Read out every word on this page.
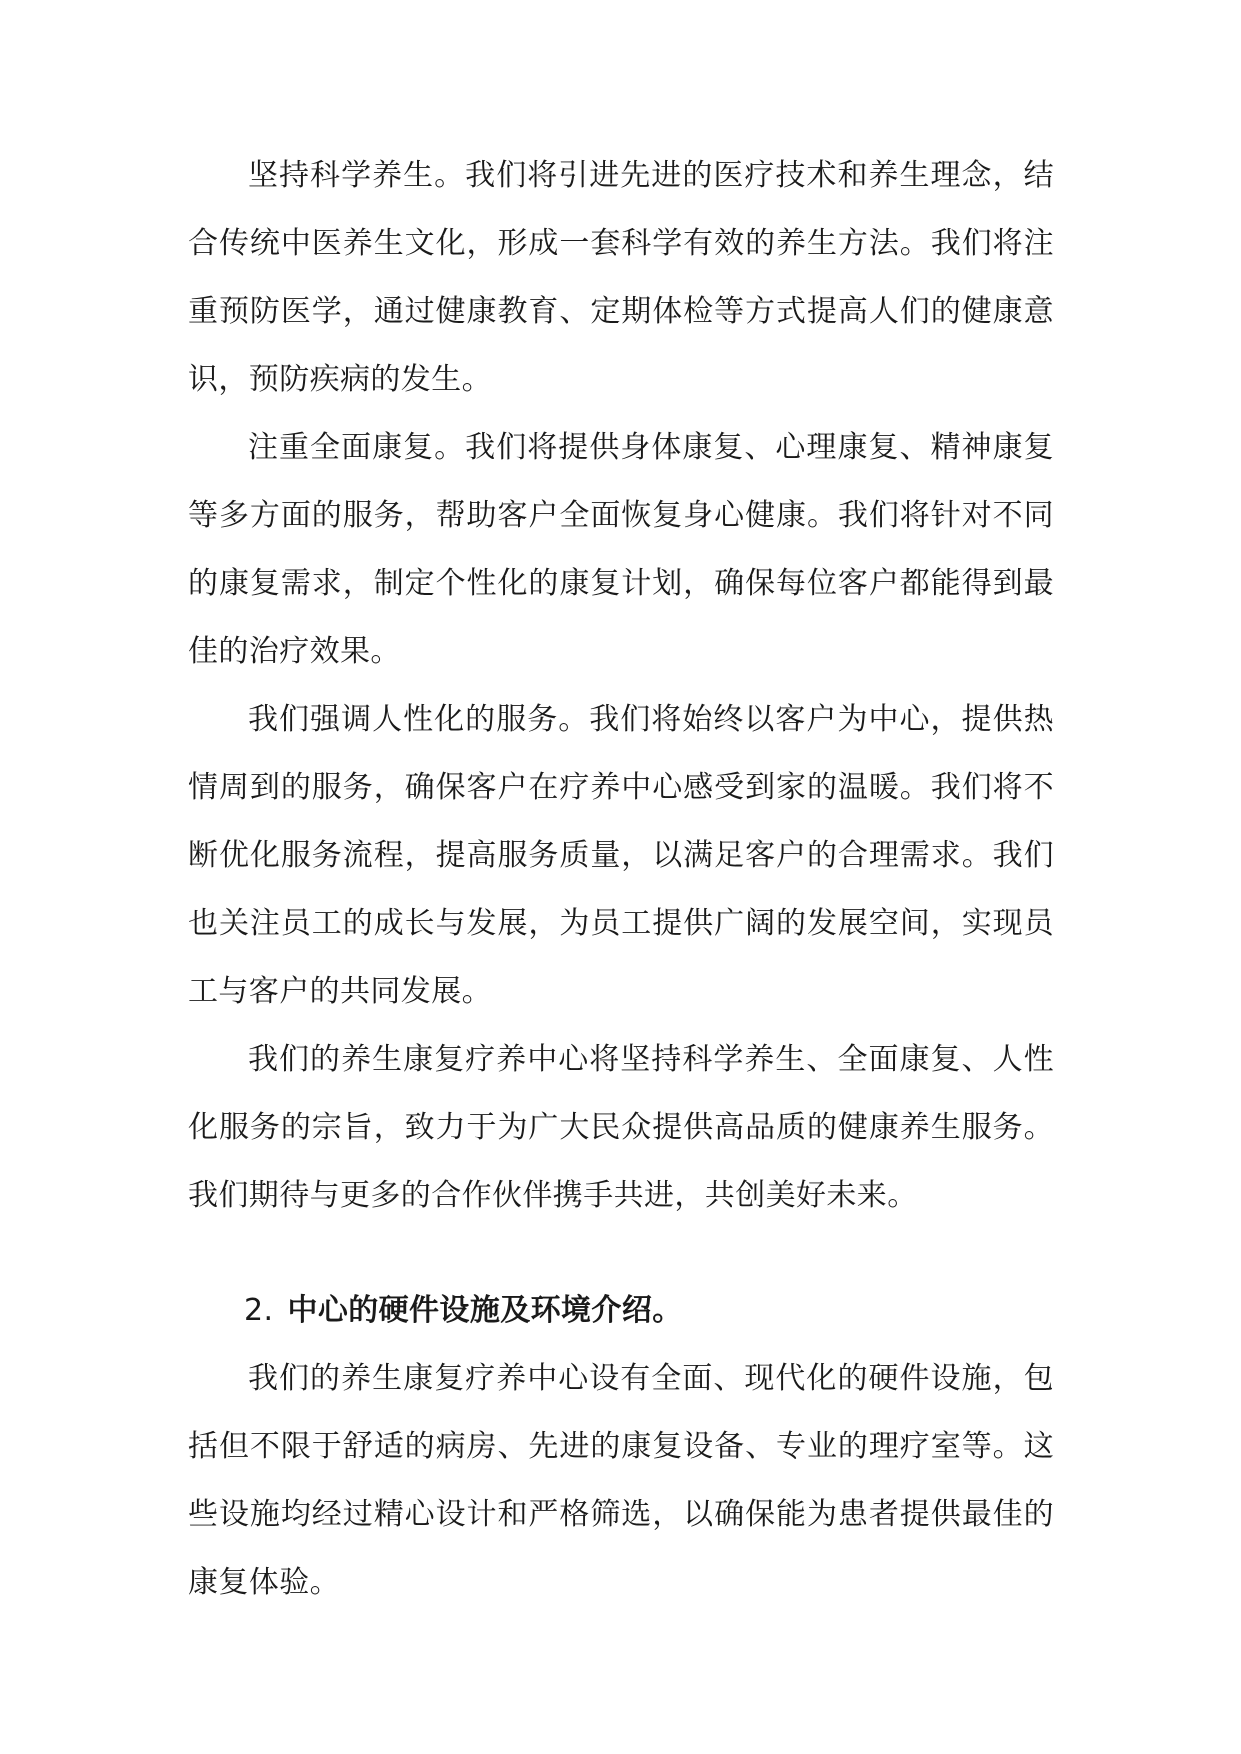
坚持科学养生。我们将引进先进的医疗技术和养生理念，结合传统中医养生文化，形成一套科学有效的养生方法。我们将注重预防医学，通过健康教育、定期体检等方式提高人们的健康意识，预防疾病的发生。

注重全面康复。我们将提供身体康复、心理康复、精神康复等多方面的服务，帮助客户全面恢复身心健康。我们将针对不同的康复需求，制定个性化的康复计划，确保每位客户都能得到最佳的治疗效果。

我们强调人性化的服务。我们将始终以客户为中心，提供热情周到的服务，确保客户在疗养中心感受到家的温暖。我们将不断优化服务流程，提高服务质量，以满足客户的合理需求。我们也关注员工的成长与发展，为员工提供广阔的发展空间，实现员工与客户的共同发展。

我们的养生康复疗养中心将坚持科学养生、全面康复、人性化服务的宗旨，致力于为广大民众提供高品质的健康养生服务。我们期待与更多的合作伙伴携手共进，共创美好未来。

2. 中心的硬件设施及环境介绍。

我们的养生康复疗养中心设有全面、现代化的硬件设施，包括但不限于舒适的病房、先进的康复设备、专业的理疗室等。这些设施均经过精心设计和严格筛选，以确保能为患者提供最佳的康复体验。
